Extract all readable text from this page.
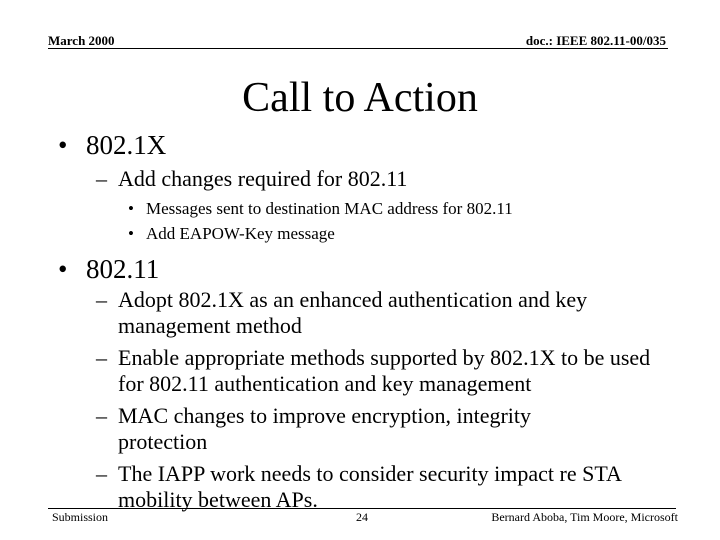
March 2000	doc.: IEEE 802.11-00/035
Call to Action
• 802.1X
– Add changes required for 802.11
• Messages sent to destination MAC address for 802.11
• Add EAPOW-Key message
• 802.11
– Adopt 802.1X as an enhanced authentication and key management method
– Enable appropriate methods supported by 802.1X to be used for 802.11 authentication and key management
– MAC changes to improve encryption, integrity protection
– The IAPP work needs to consider security impact re STA mobility between APs.
Submission	24	Bernard Aboba, Tim Moore, Microsoft
